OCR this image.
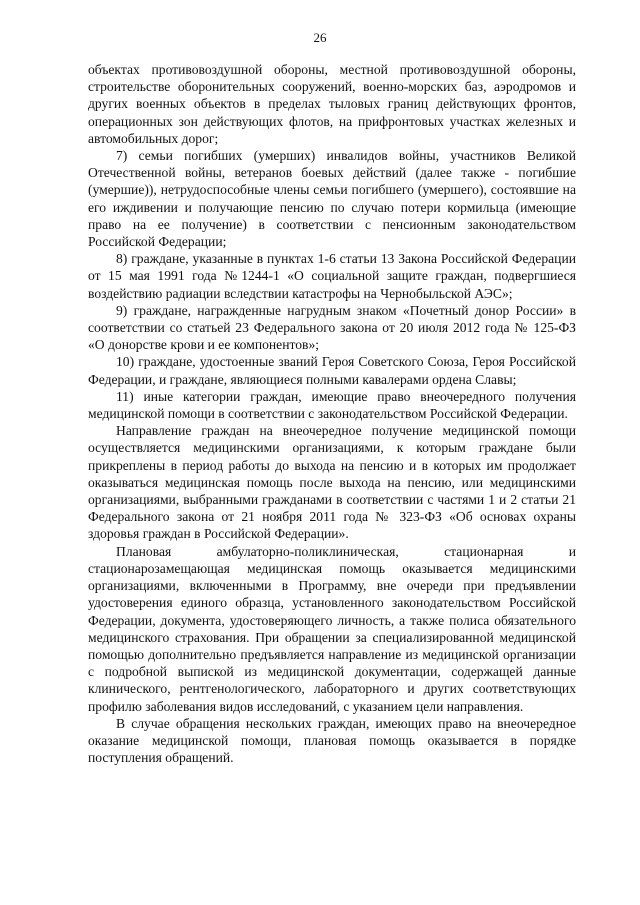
26

объектах противовоздушной обороны, местной противовоздушной обороны, строительстве оборонительных сооружений, военно-морских баз, аэродромов и других военных объектов в пределах тыловых границ действующих фронтов, операционных зон действующих флотов, на прифронтовых участках железных и автомобильных дорог;

7) семьи погибших (умерших) инвалидов войны, участников Великой Отечественной войны, ветеранов боевых действий (далее также - погибшие (умершие)), нетрудоспособные члены семьи погибшего (умершего), состоявшие на его иждивении и получающие пенсию по случаю потери кормильца (имеющие право на ее получение) в соответствии с пенсионным законодательством Российской Федерации;

8) граждане, указанные в пунктах 1-6 статьи 13 Закона Российской Федерации от 15 мая 1991 года №1244-1 «О социальной защите граждан, подвергшиеся воздействию радиации вследствии катастрофы на Чернобыльской АЭС»;

9) граждане, награжденные нагрудным знаком «Почетный донор России» в соответствии со статьей 23 Федерального закона от 20 июля 2012 года № 125-ФЗ «О донорстве крови и ее компонентов»;

10) граждане, удостоенные званий Героя Советского Союза, Героя Российской Федерации, и граждане, являющиеся полными кавалерами ордена Славы;

11) иные категории граждан, имеющие право внеочередного получения медицинской помощи в соответствии с законодательством Российской Федерации.

Направление граждан на внеочередное получение медицинской помощи осуществляется медицинскими организациями, к которым граждане были прикреплены в период работы до выхода на пенсию и в которых им продолжает оказываться медицинская помощь после выхода на пенсию, или медицинскими организациями, выбранными гражданами в соответствии с частями 1 и 2 статьи 21 Федерального закона от 21 ноября 2011 года № 323-ФЗ «Об основах охраны здоровья граждан в Российской Федерации».

Плановая амбулаторно-поликлиническая, стационарная и стационарозамещающая медицинская помощь оказывается медицинскими организациями, включенными в Программу, вне очереди при предъявлении удостоверения единого образца, установленного законодательством Российской Федерации, документа, удостоверяющего личность, а также полиса обязательного медицинского страхования. При обращении за специализированной медицинской помощью дополнительно предъявляется направление из медицинской организации с подробной выпиской из медицинской документации, содержащей данные клинического, рентгенологического, лабораторного и других соответствующих профилю заболевания видов исследований, с указанием цели направления.

В случае обращения нескольких граждан, имеющих право на внеочередное оказание медицинской помощи, плановая помощь оказывается в порядке поступления обращений.
